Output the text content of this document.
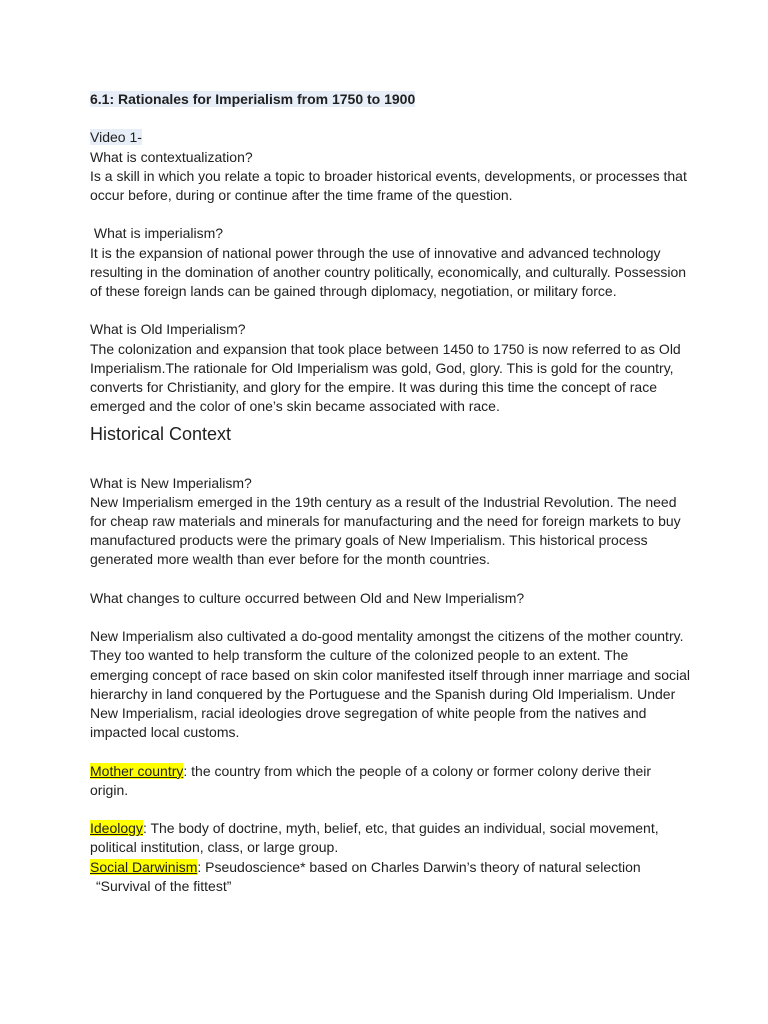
6.1: Rationales for Imperialism from 1750 to 1900

Video 1-

What is contextualization?

Is a skill in which you relate a topic to broader historical events, developments, or processes that occur before, during or continue after the time frame of the question.

What is imperialism?

It is the expansion of national power through the use of innovative and advanced technology resulting in the domination of another country politically, economically, and culturally. Possession of these foreign lands can be gained through diplomacy, negotiation, or military force.

What is Old Imperialism?

The colonization and expansion that took place between 1450 to 1750 is now referred to as Old Imperialism.The rationale for Old Imperialism was gold, God, glory. This is gold for the country, converts for Christianity, and glory for the empire. It was during this time the concept of race emerged and the color of one’s skin became associated with race.

Historical Context

What is New Imperialism?

New Imperialism emerged in the 19th century as a result of the Industrial Revolution. The need for cheap raw materials and minerals for manufacturing and the need for foreign markets to buy manufactured products were the primary goals of New Imperialism. This historical process generated more wealth than ever before for the month countries.

What changes to culture occurred between Old and New Imperialism?

New Imperialism also cultivated a do-good mentality amongst the citizens of the mother country. They too wanted to help transform the culture of the colonized people to an extent. The emerging concept of race based on skin color manifested itself through inner marriage and social hierarchy in land conquered by the Portuguese and the Spanish during Old Imperialism. Under New Imperialism, racial ideologies drove segregation of white people from the natives and impacted local customs.

Mother country: the country from which the people of a colony or former colony derive their origin.

Ideology: The body of doctrine, myth, belief, etc, that guides an individual, social movement, political institution, class, or large group.

Social Darwinism: Pseudoscience* based on Charles Darwin’s theory of natural selection

“Survival of the fittest”
